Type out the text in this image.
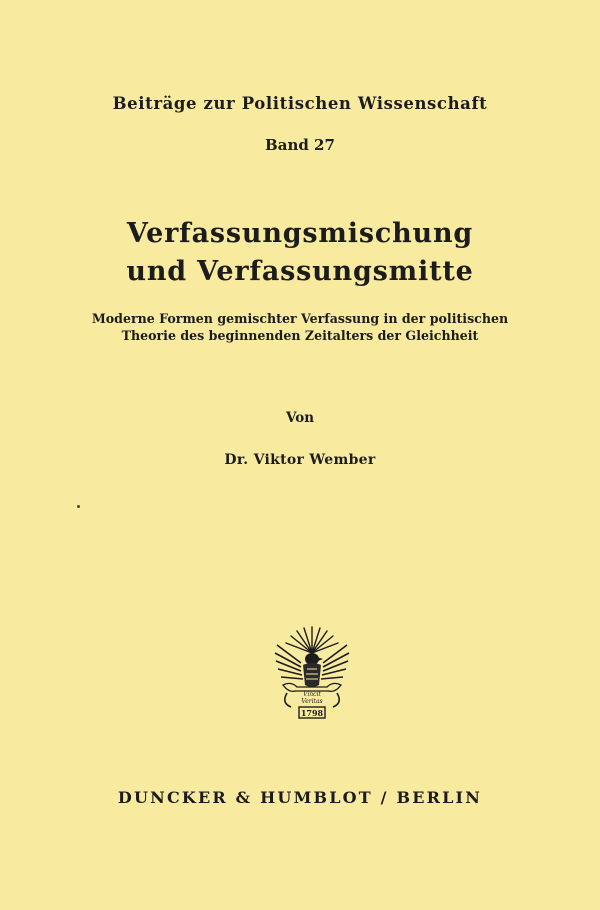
Beiträge zur Politischen Wissenschaft
Band 27
Verfassungsmischung
und Verfassungsmitte
Moderne Formen gemischter Verfassung in der politischen
Theorie des beginnenden Zeitalters der Gleichheit
Von
Dr. Viktor Wember
Vincit
Veritas
1798
DUNCKER & HUMBLOT / BERLIN
